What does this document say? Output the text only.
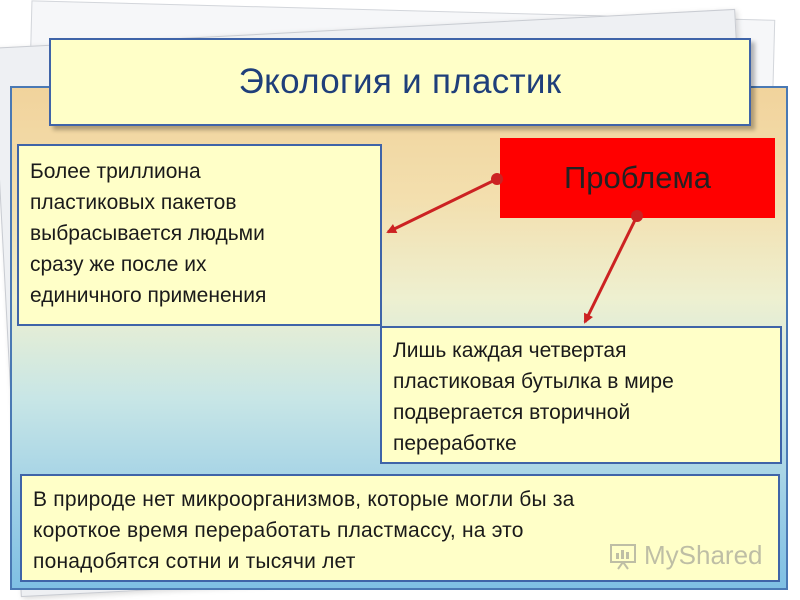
Экология и пластик
Проблема
Более триллиона
пластиковых пакетов
выбрасывается людьми
сразу же после их
единичного применения
Лишь каждая четвертая
пластиковая бутылка в мире
подвергается вторичной
переработке
В природе нет микроорганизмов, которые могли бы за
короткое время переработать пластмассу, на это
понадобятся сотни и тысячи лет	MyShared
